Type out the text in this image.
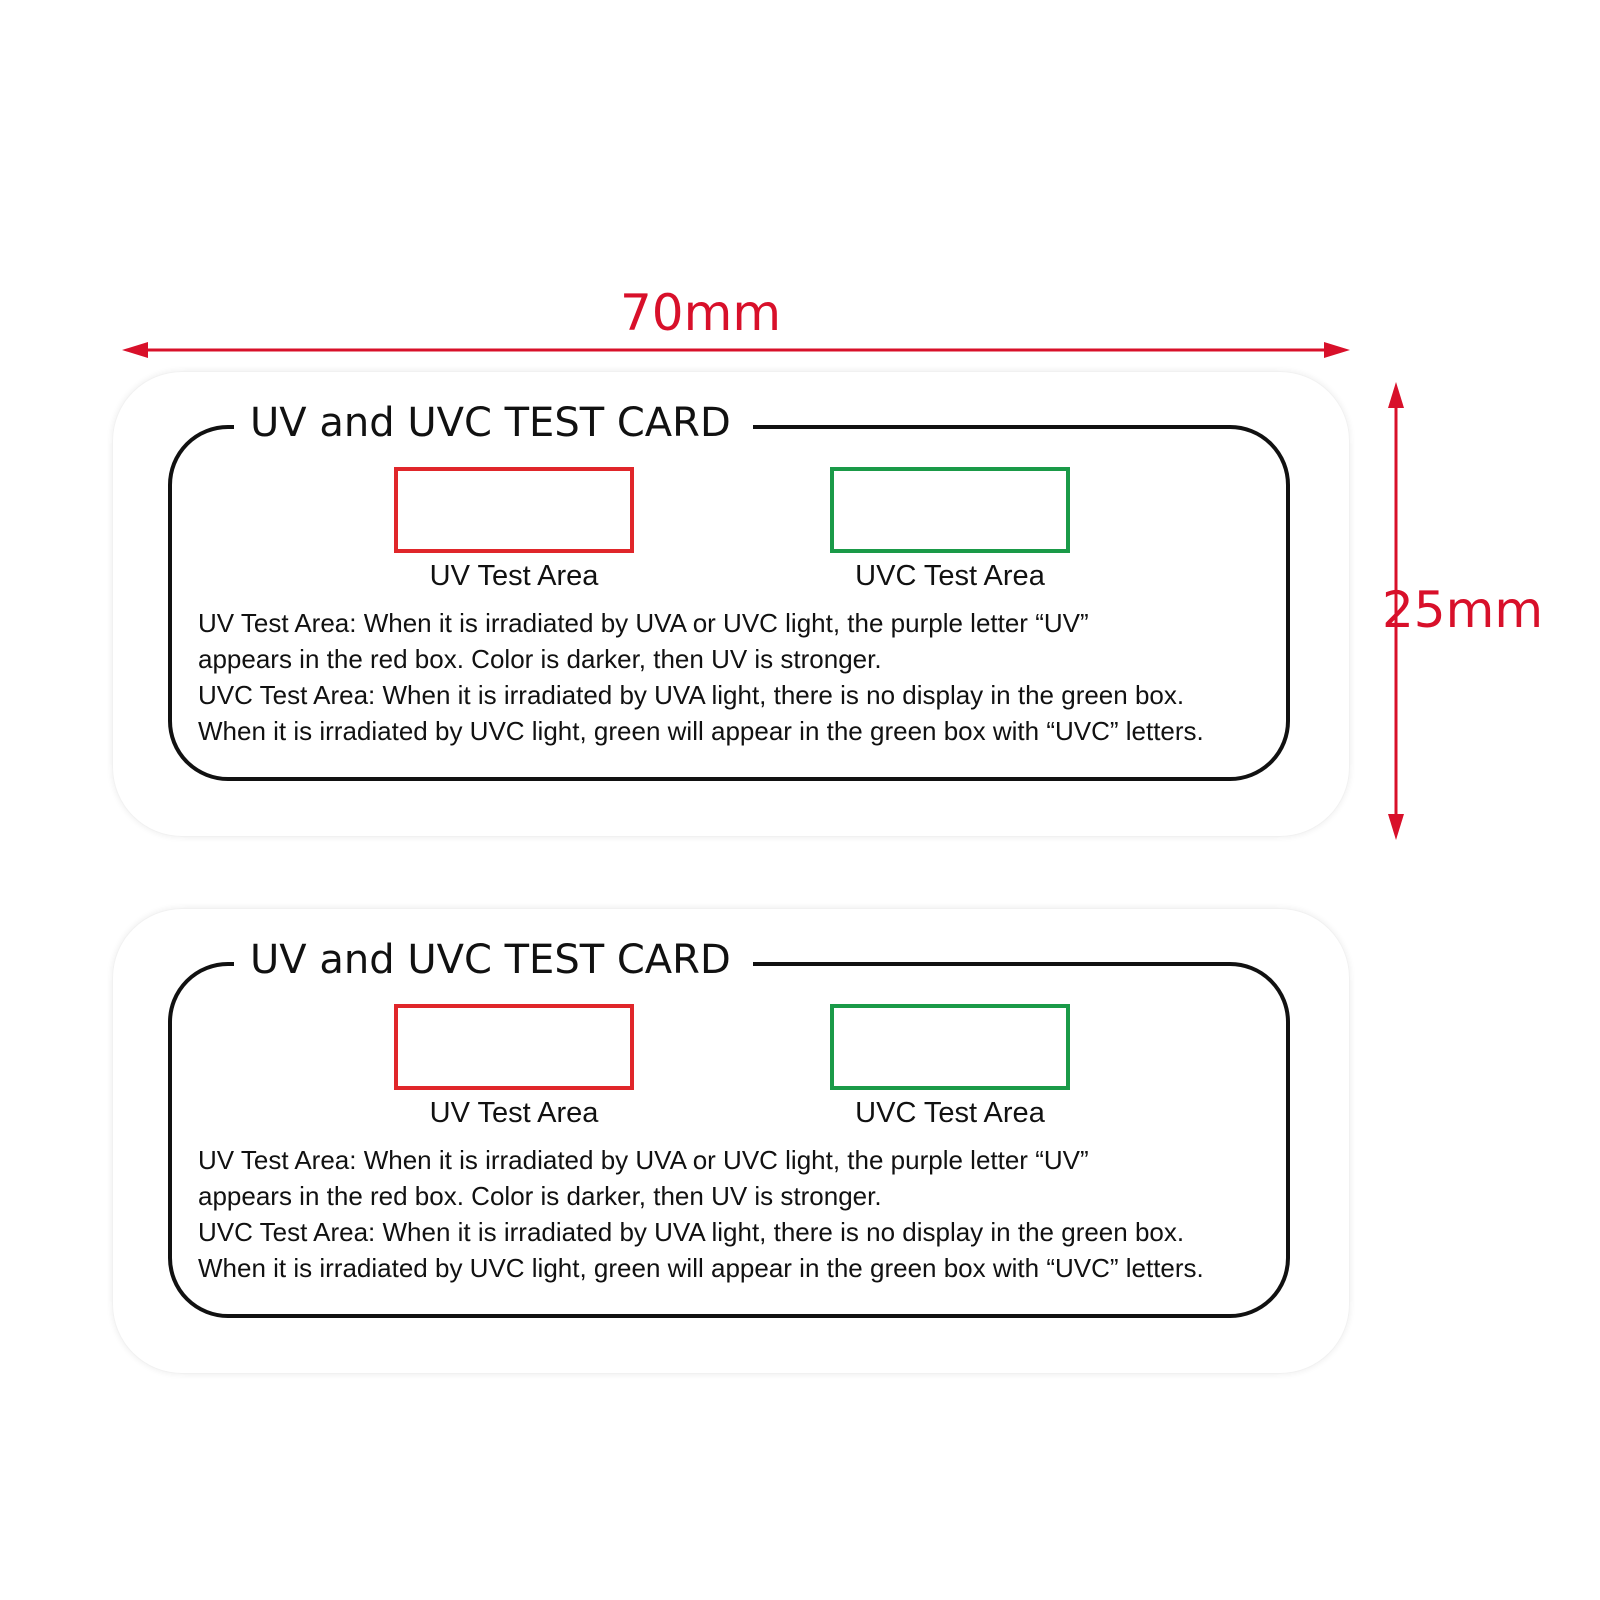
70mm
25mm
UV and UVC TEST CARD
UV Test Area	UVC Test Area
UV Test Area: When it is irradiated by UVA or UVC light, the purple letter “UV”
appears in the red box. Color is darker, then UV is stronger.
UVC Test Area: When it is irradiated by UVA light, there is no display in the green box.
When it is irradiated by UVC light, green will appear in the green box with “UVC” letters.
UV and UVC TEST CARD
UV Test Area	UVC Test Area
UV Test Area: When it is irradiated by UVA or UVC light, the purple letter “UV”
appears in the red box. Color is darker, then UV is stronger.
UVC Test Area: When it is irradiated by UVA light, there is no display in the green box.
When it is irradiated by UVC light, green will appear in the green box with “UVC” letters.
